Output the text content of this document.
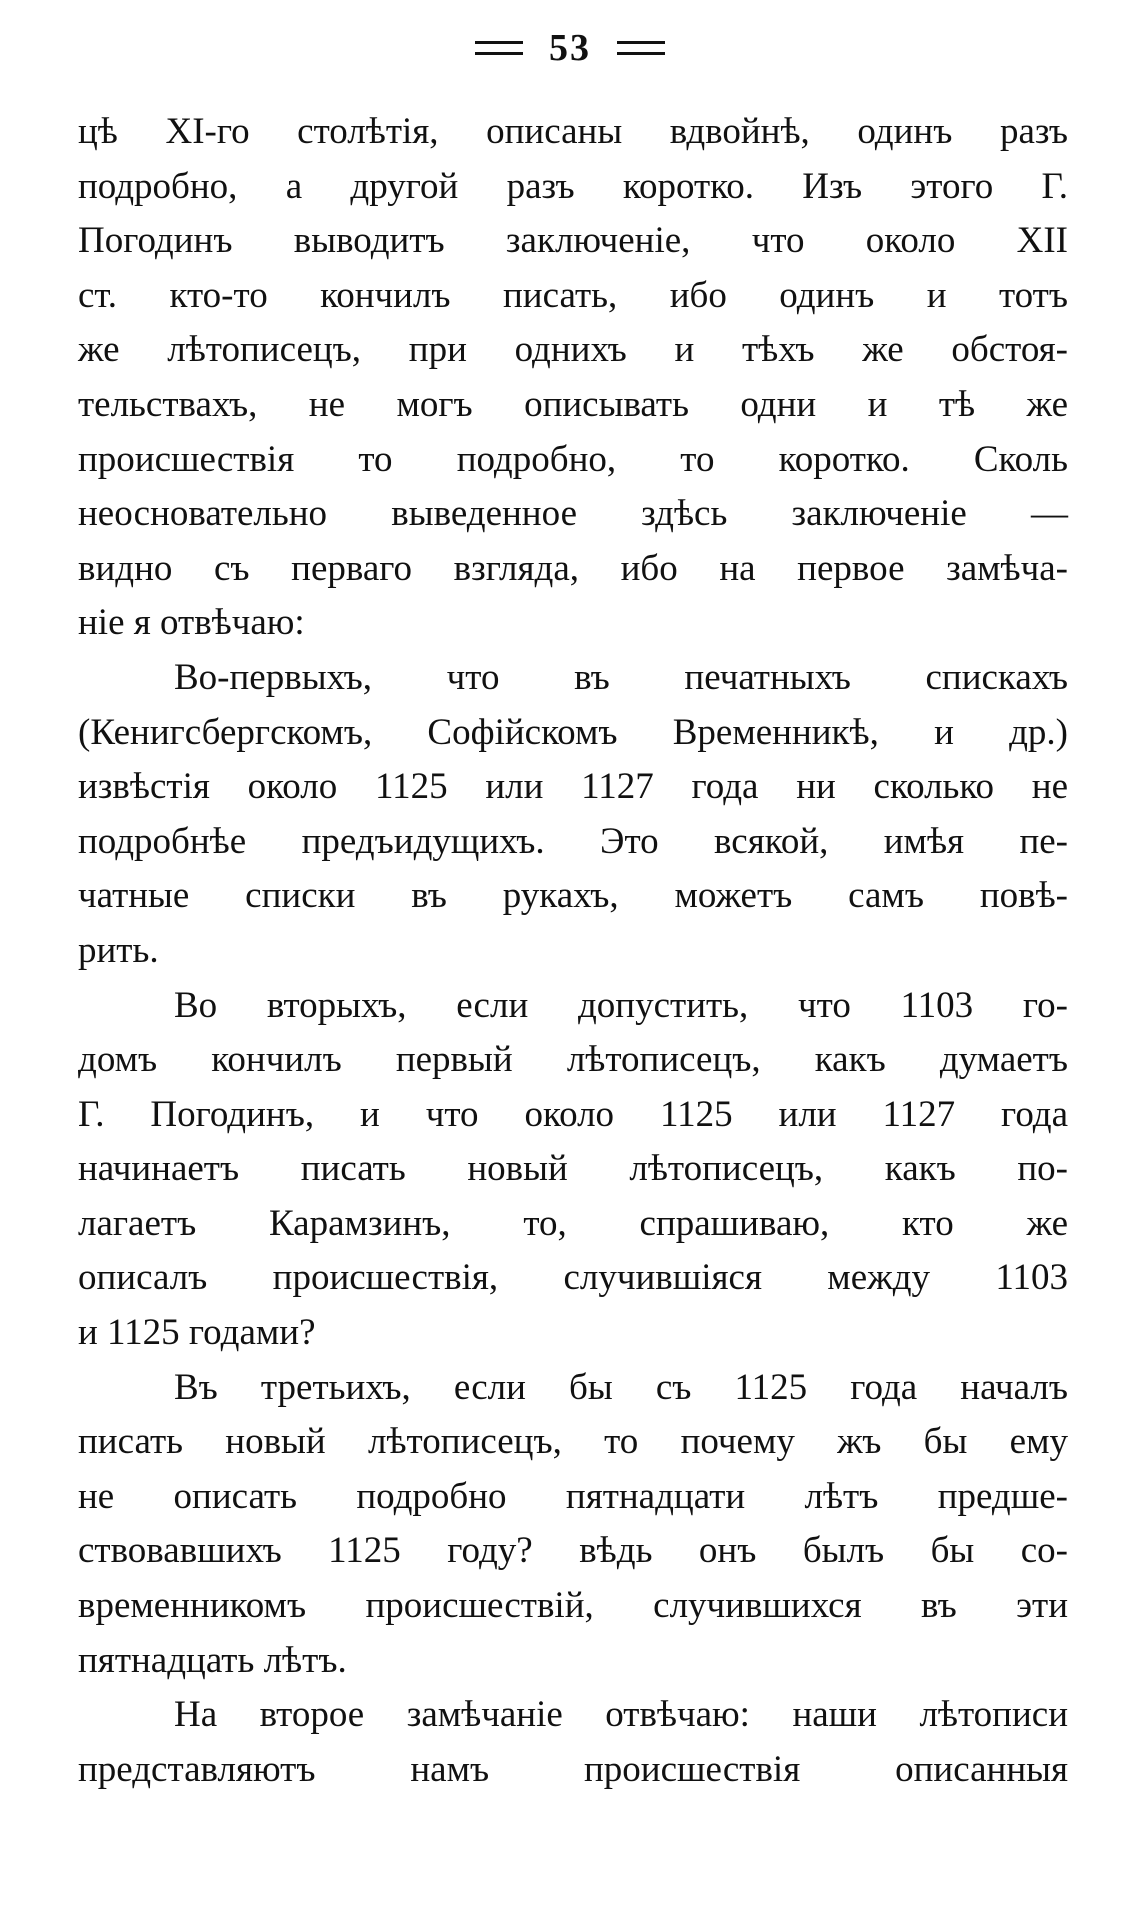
53
цѣ XI-го столѣтія, описаны вдвойнѣ, одинъ разъ
подробно, а другой разъ коротко. Изъ этого Г.
Погодинъ выводитъ заключеніе, что около XII
ст. кто-то кончилъ писать, ибо одинъ и тотъ
же лѣтописецъ, при однихъ и тѣхъ же обстоя-
тельствахъ, не могъ описывать одни и тѣ же
происшествія то подробно, то коротко. Сколь
неосновательно выведенное здѣсь заключеніе —
видно съ перваго взгляда, ибо на первое замѣча-
ніе я отвѣчаю:
Во-первыхъ, что въ печатныхъ спискахъ
(Кенигсбергскомъ, Софійскомъ Временникѣ, и др.)
извѣстія около 1125 или 1127 года ни сколько не
подробнѣе предъидущихъ. Это всякой, имѣя пе-
чатные списки въ рукахъ, можетъ самъ повѣ-
рить.
Во вторыхъ, если допустить, что 1103 го-
домъ кончилъ первый лѣтописецъ, какъ думаетъ
Г. Погодинъ, и что около 1125 или 1127 года
начинаетъ писать новый лѣтописецъ, какъ по-
лагаетъ Карамзинъ, то, спрашиваю, кто же
описалъ происшествія, случившіяся между 1103
и 1125 годами?
Въ третьихъ, если бы съ 1125 года началъ
писать новый лѣтописецъ, то почему жъ бы ему
не описать подробно пятнадцати лѣтъ предше-
ствовавшихъ 1125 году? вѣдь онъ былъ бы со-
временникомъ происшествій, случившихся въ эти
пятнадцать лѣтъ.
На второе замѣчаніе отвѣчаю: наши лѣтописи
представляютъ намъ происшествія описанныя
